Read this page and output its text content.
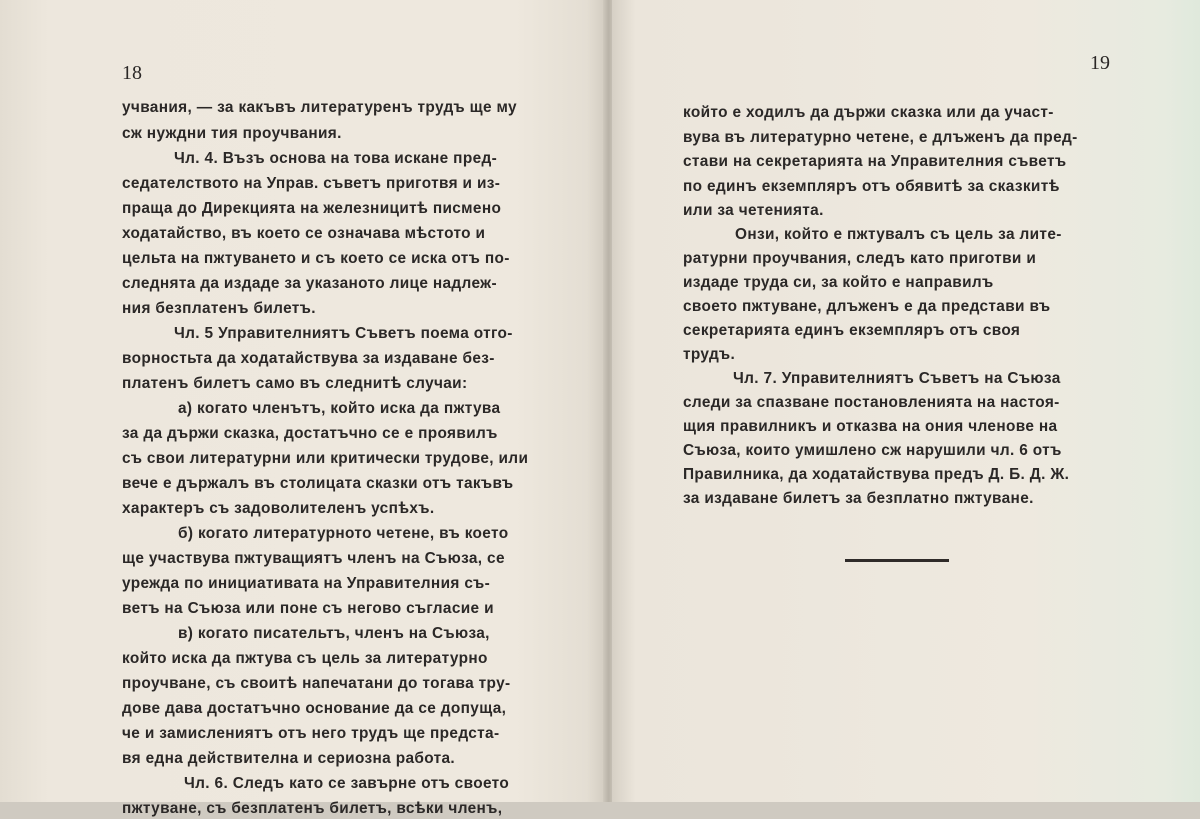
18	19
учвания, — за какъвъ литературенъ трудъ ще му
сж нуждни тия проучвания.
Чл. 4. Възъ основа на това искане пред-
седателството на Управ. съветъ приготвя и из-
праща до Дирекцията на железницитѣ писмено
ходатайство, въ което се означава мѣстото и
цельта на пжтуването и съ което се иска отъ по-
следнята да издаде за указаното лице надлеж-
ния безплатенъ билетъ.
Чл. 5 Управителниятъ Съветъ поема отго-
ворностьта да ходатайствува за издаване без-
платенъ билетъ само въ следнитѣ случаи:
а) когато членътъ, който иска да пжтува
за да държи сказка, достатъчно се е проявилъ
съ свои литературни или критически трудове, или
вече е държалъ въ столицата сказки отъ такъвъ
характеръ съ задоволителенъ успѣхъ.
б) когато литературното четене, въ което
ще участвува пжтуващиятъ членъ на Съюза, се
урежда по инициативата на Управителния съ-
ветъ на Съюза или поне съ негово съгласие и
в) когато писательтъ, членъ на Съюза,
който иска да пжтува съ цель за литературно
проучване, съ своитѣ напечатани до тогава тру-
дове дава достатъчно основание да се допуща,
че и замислениятъ отъ него трудъ ще предста-
вя една действителна и сериозна работа.
Чл. 6. Следъ като се завърне отъ своето
пжтуване, съ безплатенъ билетъ, всѣки членъ,
който е ходилъ да държи сказка или да участ-
вува въ литературно четене, е длъженъ да пред-
стави на секретарията на Управителния съветъ
по единъ екземпляръ отъ обявитѣ за сказкитѣ
или за четенията.
Онзи, който е пжтувалъ съ цель за лите-
ратурни проучвания, следъ като приготви и
издаде труда си, за който е направилъ
своето пжтуване, длъженъ е да представи въ
секретарията единъ екземпляръ отъ своя
трудъ.
Чл. 7. Управителниятъ Съветъ на Съюза
следи за спазване постановленията на настоя-
щия правилникъ и отказва на ония членове на
Съюза, които умишлено сж нарушили чл. 6 отъ
Правилника, да ходатайствува предъ Д. Б. Д. Ж.
за издаване билетъ за безплатно пжтуване.
